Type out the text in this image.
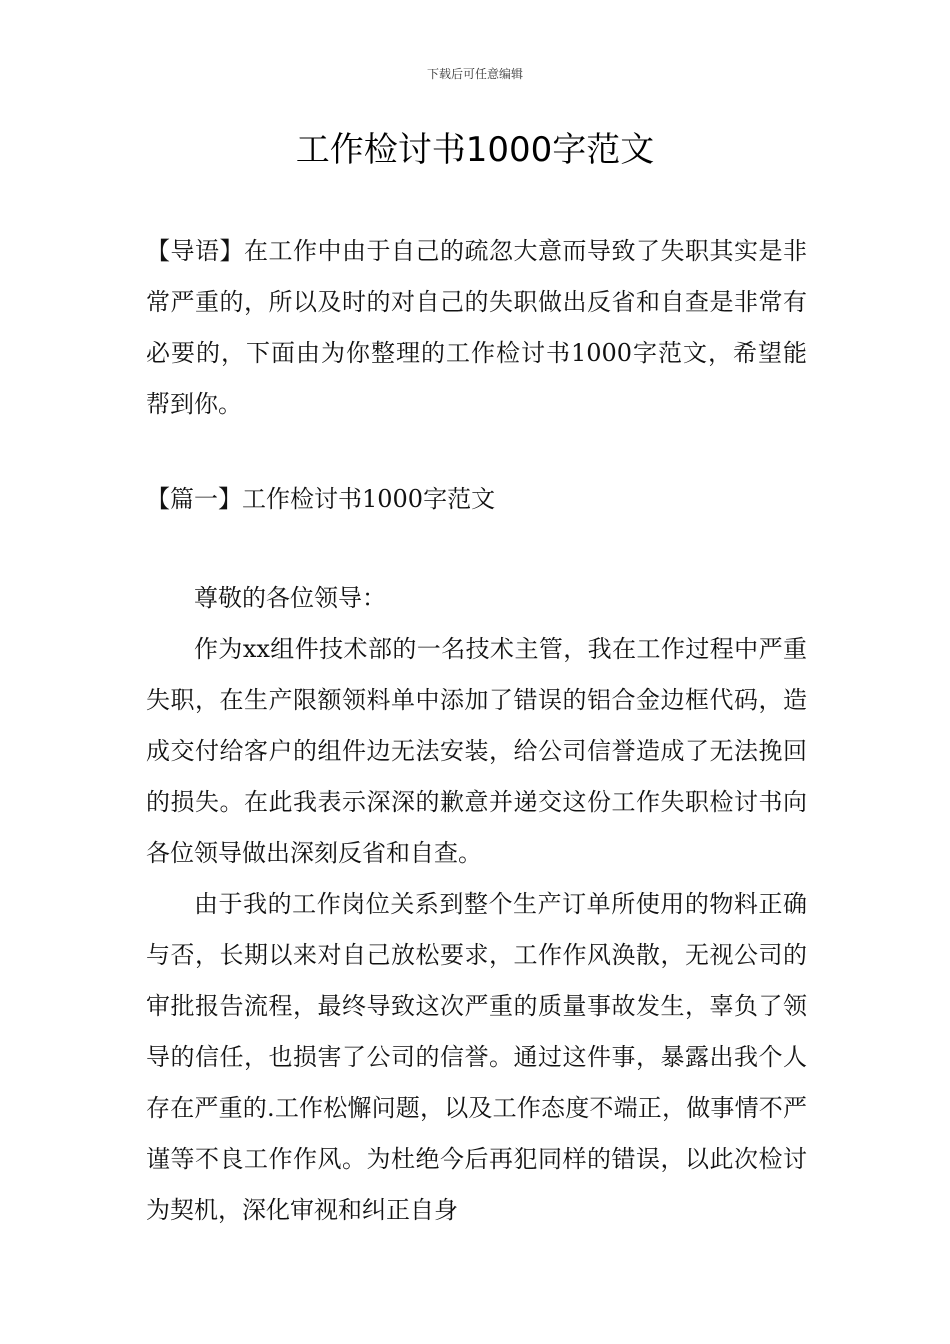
下载后可任意编辑
工作检讨书1000字范文

【导语】在工作中由于自己的疏忽大意而导致了失职其实是非常严重的，所以及时的对自己的失职做出反省和自查是非常有必要的，下面由为你整理的工作检讨书1000字范文，希望能帮到你。

【篇一】工作检讨书1000字范文

尊敬的各位领导：

作为xx组件技术部的一名技术主管，我在工作过程中严重失职，在生产限额领料单中添加了错误的铝合金边框代码，造成交付给客户的组件边无法安装，给公司信誉造成了无法挽回的损失。在此我表示深深的歉意并递交这份工作失职检讨书向各位领导做出深刻反省和自查。

由于我的工作岗位关系到整个生产订单所使用的物料正确与否，长期以来对自己放松要求，工作作风涣散，无视公司的审批报告流程，最终导致这次严重的质量事故发生，辜负了领导的信任，也损害了公司的信誉。通过这件事，暴露出我个人存在严重的.工作松懈问题，以及工作态度不端正，做事情不严谨等不良工作作风。为杜绝今后再犯同样的错误，以此次检讨为契机，深化审视和纠正自身
